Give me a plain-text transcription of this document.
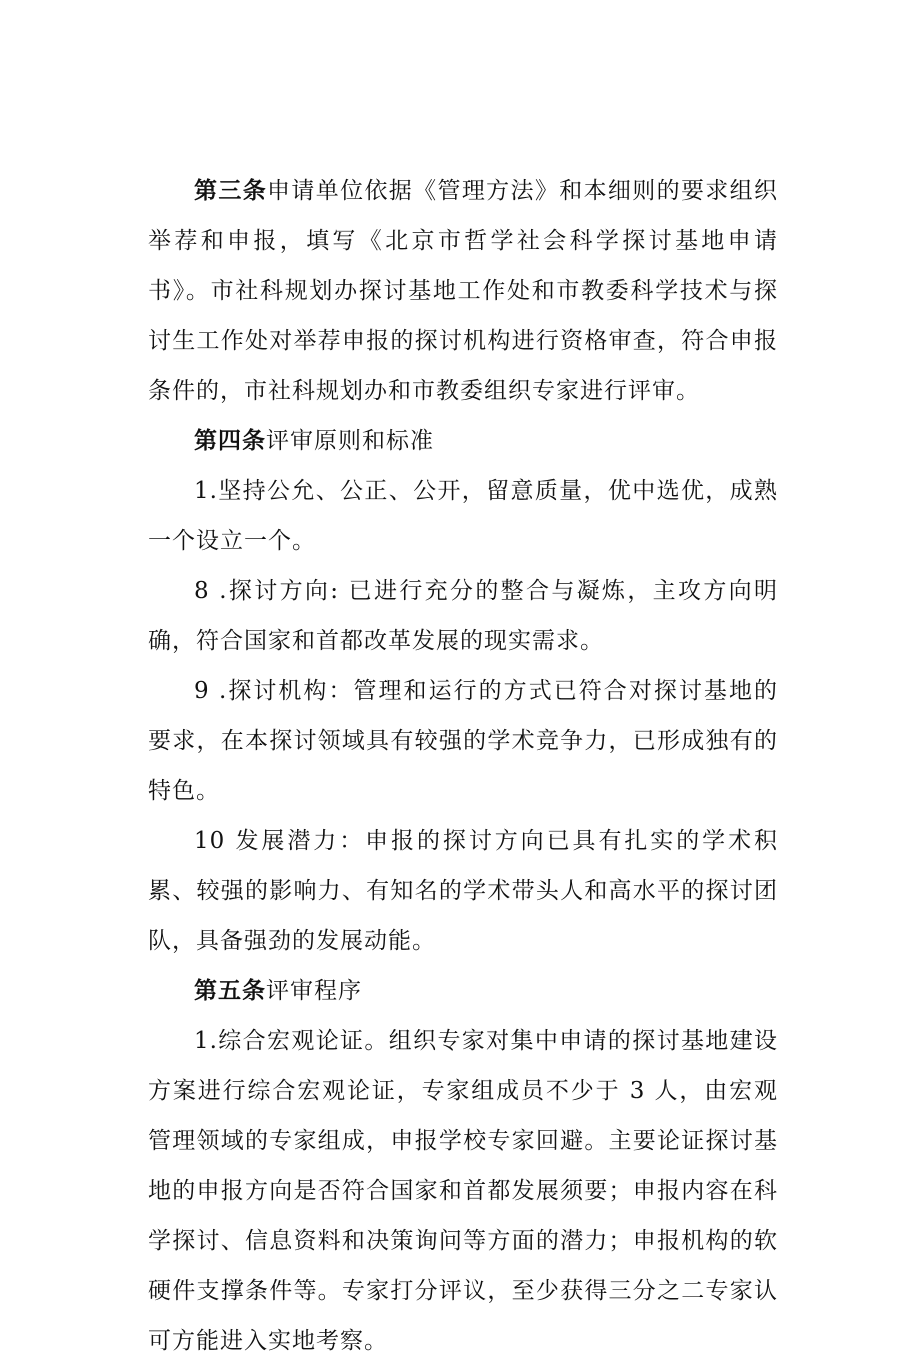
第三条申请单位依据《管理方法》和本细则的要求组织举荐和申报，填写《北京市哲学社会科学探讨基地申请书》。市社科规划办探讨基地工作处和市教委科学技术与探讨生工作处对举荐申报的探讨机构进行资格审查，符合申报条件的，市社科规划办和市教委组织专家进行评审。

第四条评审原则和标准

1.坚持公允、公正、公开，留意质量，优中选优，成熟一个设立一个。

8 .探讨方向: 已进行充分的整合与凝炼，主攻方向明确，符合国家和首都改革发展的现实需求。

9 .探讨机构：管理和运行的方式已符合对探讨基地的要求，在本探讨领域具有较强的学术竞争力，已形成独有的特色。

10 发展潜力：申报的探讨方向已具有扎实的学术积累、较强的影响力、有知名的学术带头人和高水平的探讨团队，具备强劲的发展动能。

第五条评审程序

1.综合宏观论证。组织专家对集中申请的探讨基地建设方案进行综合宏观论证，专家组成员不少于 3 人，由宏观管理领域的专家组成，申报学校专家回避。主要论证探讨基地的申报方向是否符合国家和首都发展须要；申报内容在科学探讨、信息资料和决策询问等方面的潜力；申报机构的软硬件支撑条件等。专家打分评议，至少获得三分之二专家认可方能进入实地考察。
